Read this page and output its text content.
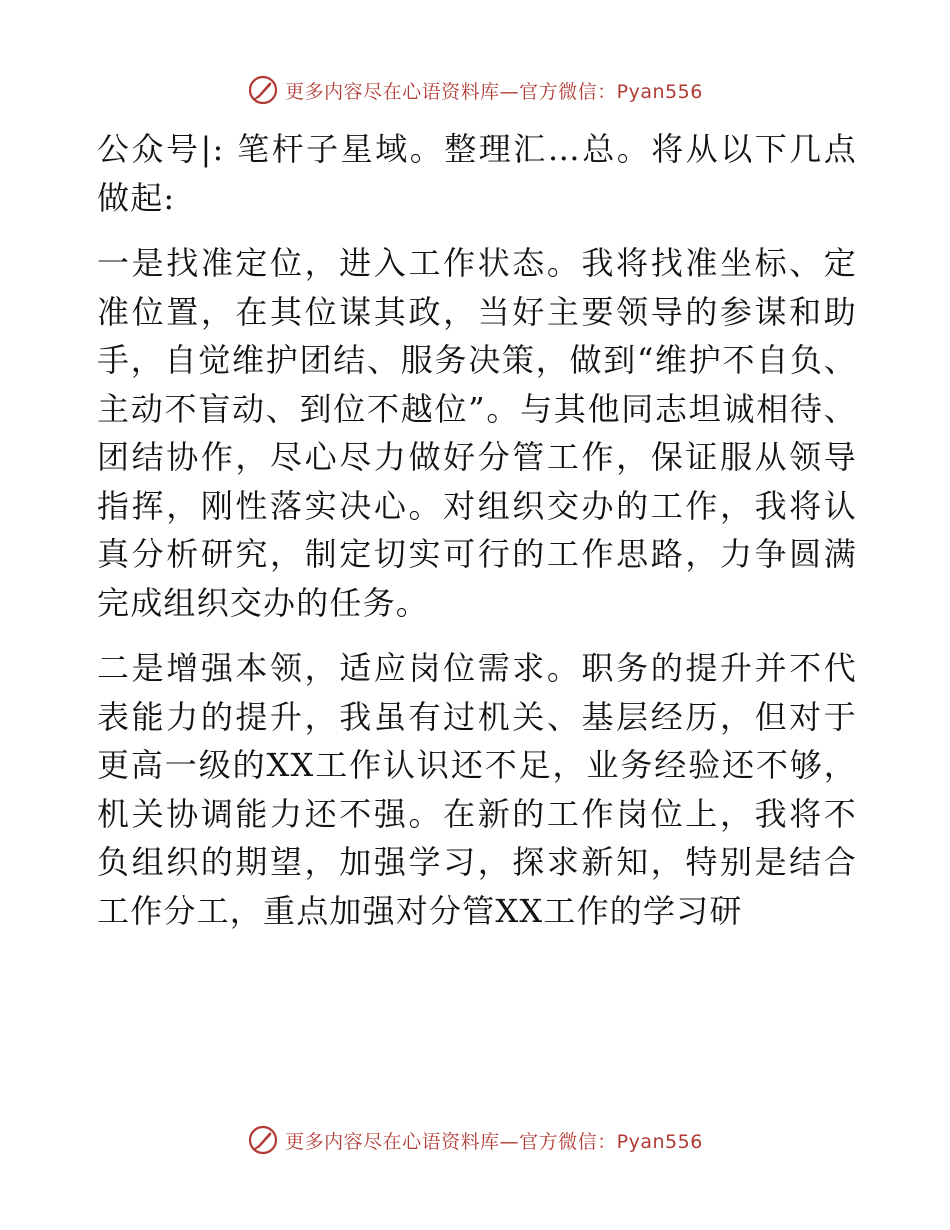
更多内容尽在心语资料库—官方微信：Pyan556

公众号|: 笔杆子星域。整理汇…总。将从以下几点做起:

一是找准定位，进入工作状态。我将找准坐标、定准位置，在其位谋其政，当好主要领导的参谋和助手，自觉维护团结、服务决策，做到“维护不自负、主动不盲动、到位不越位”。与其他同志坦诚相待、团结协作，尽心尽力做好分管工作，保证服从领导指挥，刚性落实决心。对组织交办的工作，我将认真分析研究，制定切实可行的工作思路，力争圆满完成组织交办的任务。

二是增强本领，适应岗位需求。职务的提升并不代表能力的提升，我虽有过机关、基层经历，但对于更高一级的XX工作认识还不足，业务经验还不够，机关协调能力还不强。在新的工作岗位上，我将不负组织的期望，加强学习，探求新知，特别是结合工作分工，重点加强对分管XX工作的学习研

更多内容尽在心语资料库—官方微信：Pyan556
